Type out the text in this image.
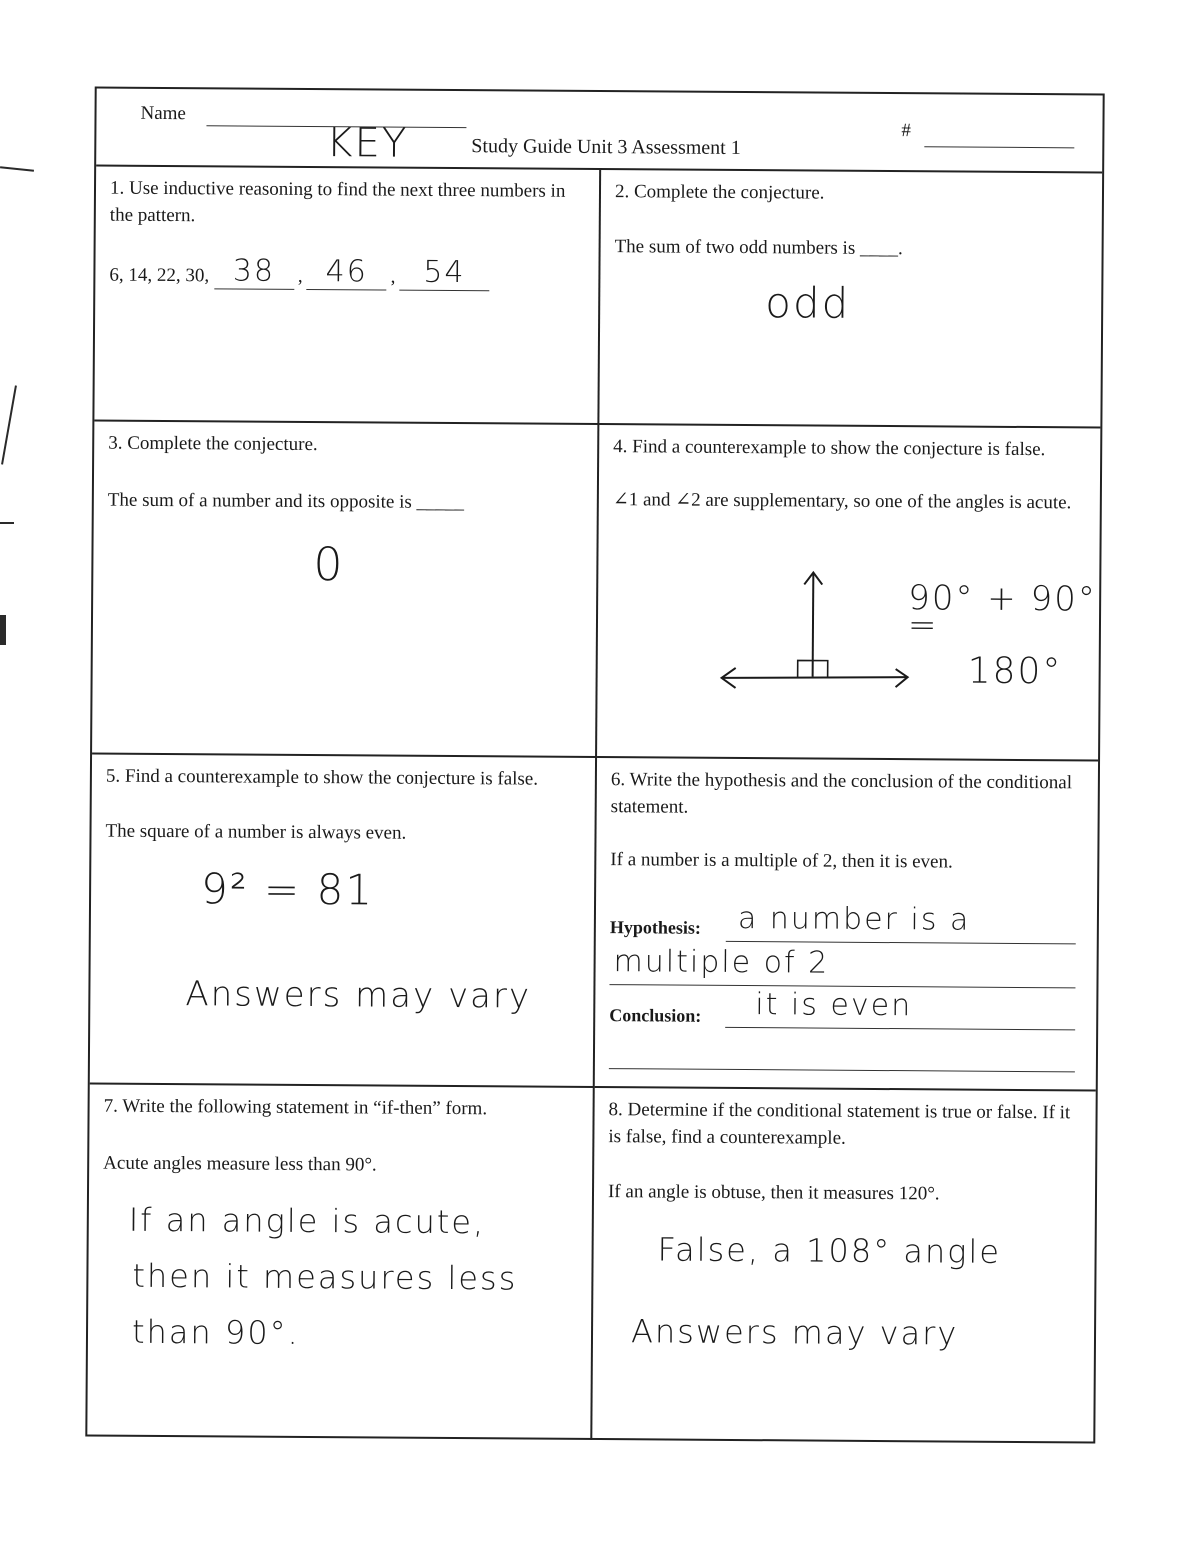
Name
KEY	Study Guide Unit 3 Assessment 1
#

1. Use inductive reasoning to find the next three numbers in the pattern.

6, 14, 22, 30, 38 , 46 , 54

2. Complete the conjecture.

The sum of two odd numbers is ____.

odd

3. Complete the conjecture.

The sum of a number and its opposite is _____

0

4. Find a counterexample to show the conjecture is false.

∠1 and ∠2 are supplementary, so one of the angles is acute.

90° + 90° =
180°

5. Find a counterexample to show the conjecture is false.

The square of a number is always even.

9² = 81
Answers may vary

6. Write the hypothesis and the conclusion of the conditional statement.

If a number is a multiple of 2, then it is even.

Hypothesis: a number is a
multiple of 2
Conclusion: it is even

7. Write the following statement in “if-then” form.

Acute angles measure less than 90°.

If an angle is acute,
then it measures less
than 90°.

8. Determine if the conditional statement is true or false. If it is false, find a counterexample.

If an angle is obtuse, then it measures 120°.

False, a 108° angle
Answers may vary
